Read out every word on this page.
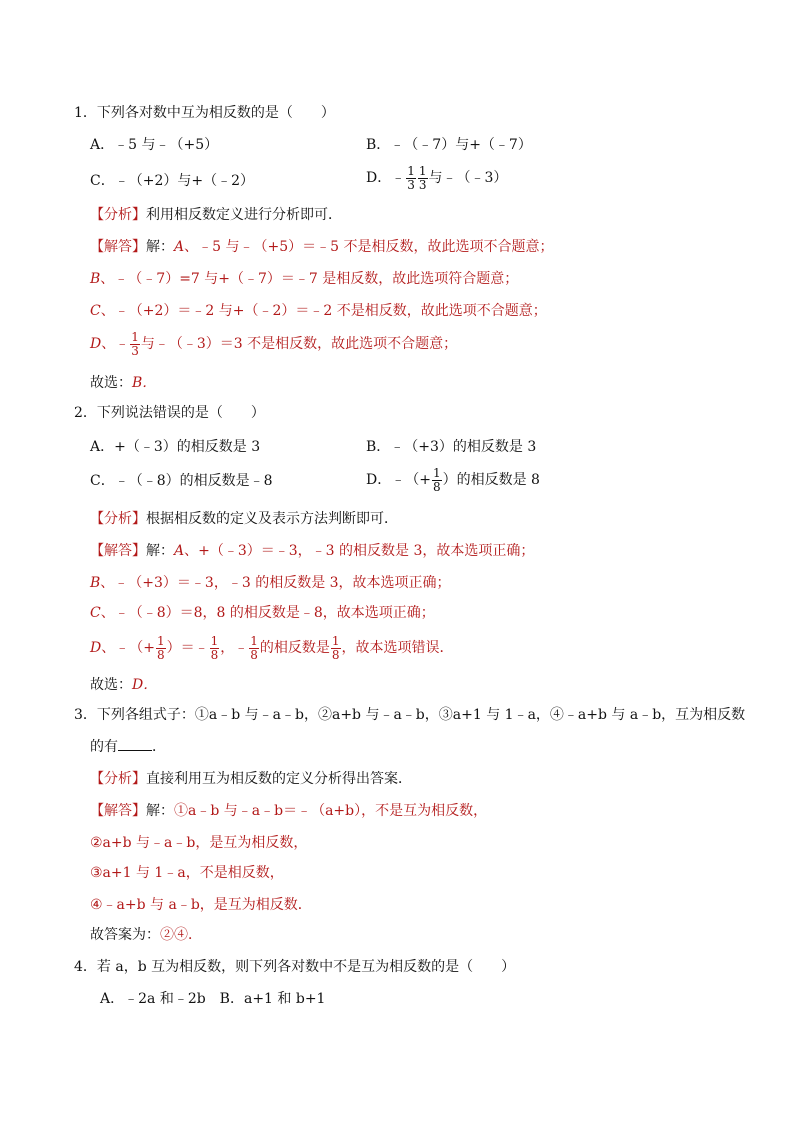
1．下列各对数中互为相反数的是（　　）
A．﹣5 与﹣（+5）	B．﹣（﹣7）与+（﹣7）
C．﹣（+2）与+（﹣2）	D．﹣ $\frac{1}{3} \frac{1}{3}$ 与﹣（﹣3）
【分析】利用相反数定义进行分析即可．
【解答】解：A、﹣5 与﹣（+5）＝﹣5 不是相反数，故此选项不合题意；
B、﹣（﹣7）=7 与+（﹣7）＝﹣7 是相反数，故此选项符合题意；
C、﹣（+2）＝﹣2 与+（﹣2）＝﹣2 不是相反数，故此选项不合题意；
D、﹣ $\frac{1}{3}$ 与﹣（﹣3）＝3 不是相反数，故此选项不合题意；
故选：B．
2．下列说法错误的是（　　）
A．+（﹣3）的相反数是 3	B．﹣（+3）的相反数是 3
C．﹣（﹣8）的相反数是﹣8	D．﹣（+ $\frac{1}{8}$ ）的相反数是 8
【分析】根据相反数的定义及表示方法判断即可．
【解答】解：A、+（﹣3）＝﹣3，﹣3 的相反数是 3，故本选项正确；
B、﹣（+3）＝﹣3，﹣3 的相反数是 3，故本选项正确；
C、﹣（﹣8）＝8，8 的相反数是﹣8，故本选项正确；
D、﹣（+ $\frac{1}{8}$ ）＝﹣ $\frac{1}{8}$ ，﹣ $\frac{1}{8}$ 的相反数是 $\frac{1}{8}$ ，故本选项错误．
故选：D．
3．下列各组式子：①a﹣b 与﹣a﹣b，②a+b 与﹣a﹣b，③a+1 与 1﹣a，④﹣a+b 与 a﹣b，互为相反数
的有 ．
【分析】直接利用互为相反数的定义分析得出答案．
【解答】解：①a﹣b 与﹣a﹣b＝﹣（a+b），不是互为相反数，
②a+b 与﹣a﹣b，是互为相反数，
③a+1 与 1﹣a，不是相反数，
④﹣a+b 与 a﹣b，是互为相反数．
故答案为：②④．
4．若 a，b 互为相反数，则下列各对数中不是互为相反数的是（　　）
A．﹣2a 和﹣2b　B．a+1 和 b+1
